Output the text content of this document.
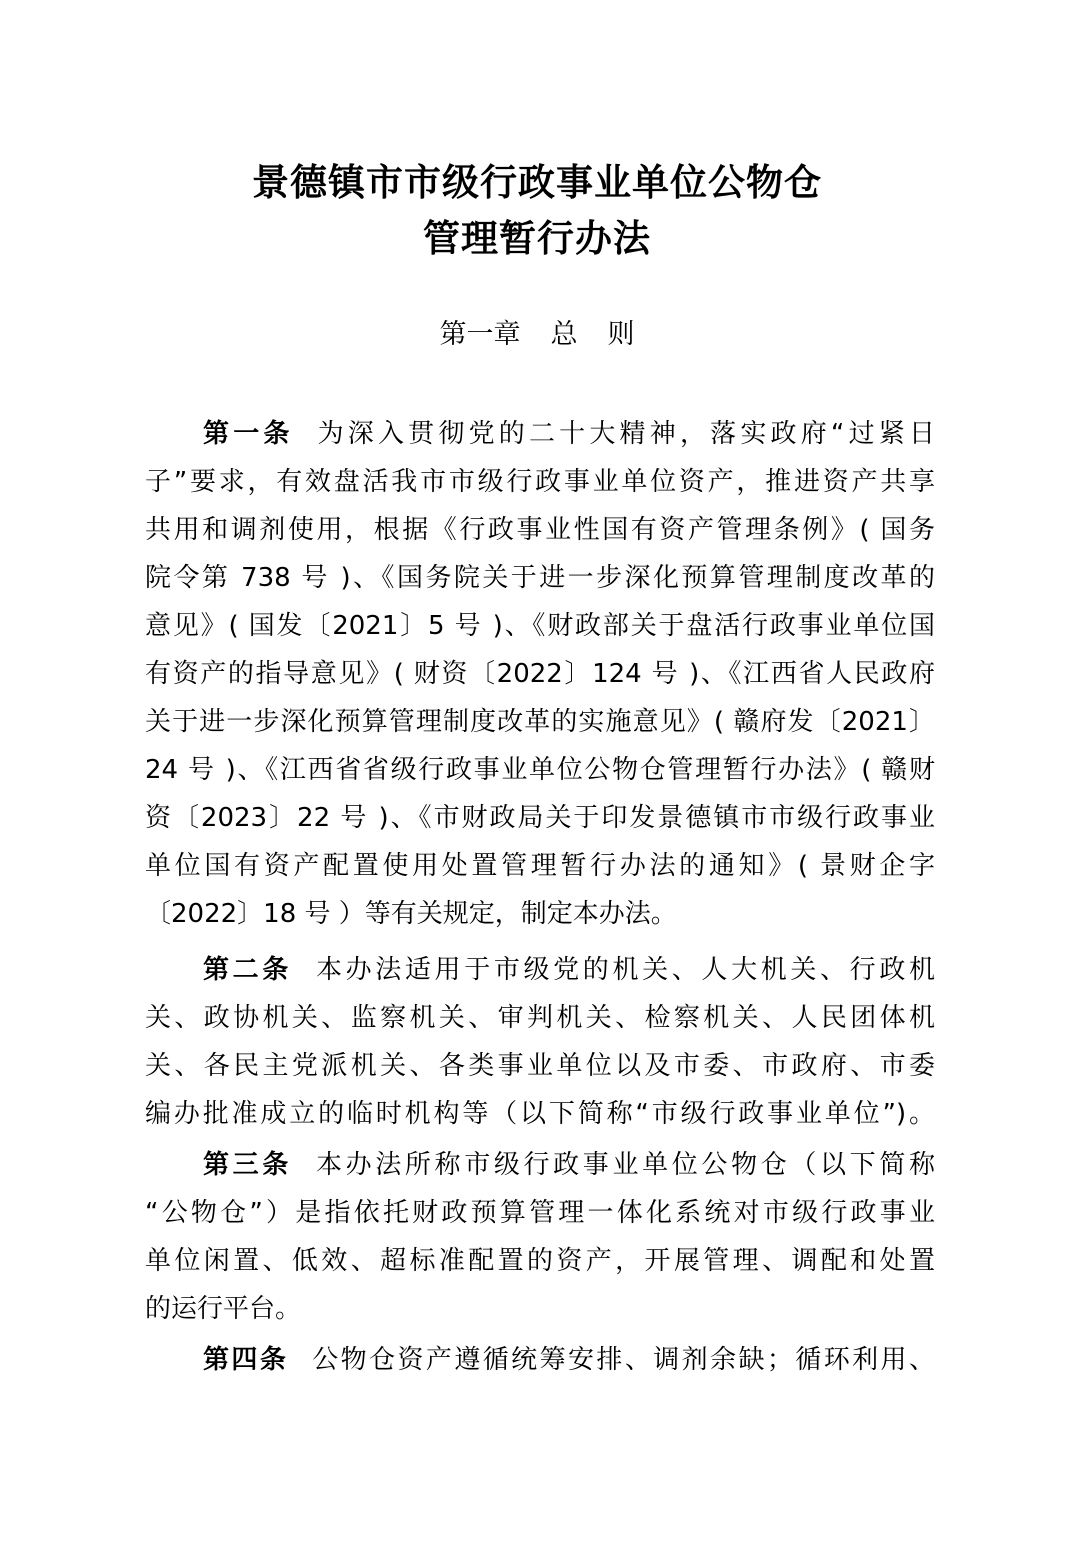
景德镇市市级行政事业单位公物仓
管理暂行办法
第一章 总 则
第一条 为深入贯彻党的二十大精神，落实政府“过紧日
子”要求，有效盘活我市市级行政事业单位资产，推进资产共享
共用和调剂使用，根据《行政事业性国有资产管理条例》( 国务
院令第 738 号 )、《国务院关于进一步深化预算管理制度改革的
意见》( 国发〔2021〕5 号 )、《财政部关于盘活行政事业单位国
有资产的指导意见》( 财资〔2022〕124 号 )、《江西省人民政府
关于进一步深化预算管理制度改革的实施意见》( 赣府发〔2021〕
24 号 )、《江西省省级行政事业单位公物仓管理暂行办法》( 赣财
资〔2023〕22 号 )、《市财政局关于印发景德镇市市级行政事业
单位国有资产配置使用处置管理暂行办法的通知》( 景财企字
〔2022〕18 号 ）等有关规定，制定本办法。
第二条 本办法适用于市级党的机关、人大机关、行政机
关、政协机关、监察机关、审判机关、检察机关、人民团体机
关、各民主党派机关、各类事业单位以及市委、市政府、市委
编办批准成立的临时机构等（以下简称“市级行政事业单位”)。
第三条 本办法所称市级行政事业单位公物仓（以下简称
“公物仓”）是指依托财政预算管理一体化系统对市级行政事业
单位闲置、低效、超标准配置的资产，开展管理、调配和处置
的运行平台。
第四条 公物仓资产遵循统筹安排、调剂余缺；循环利用、
